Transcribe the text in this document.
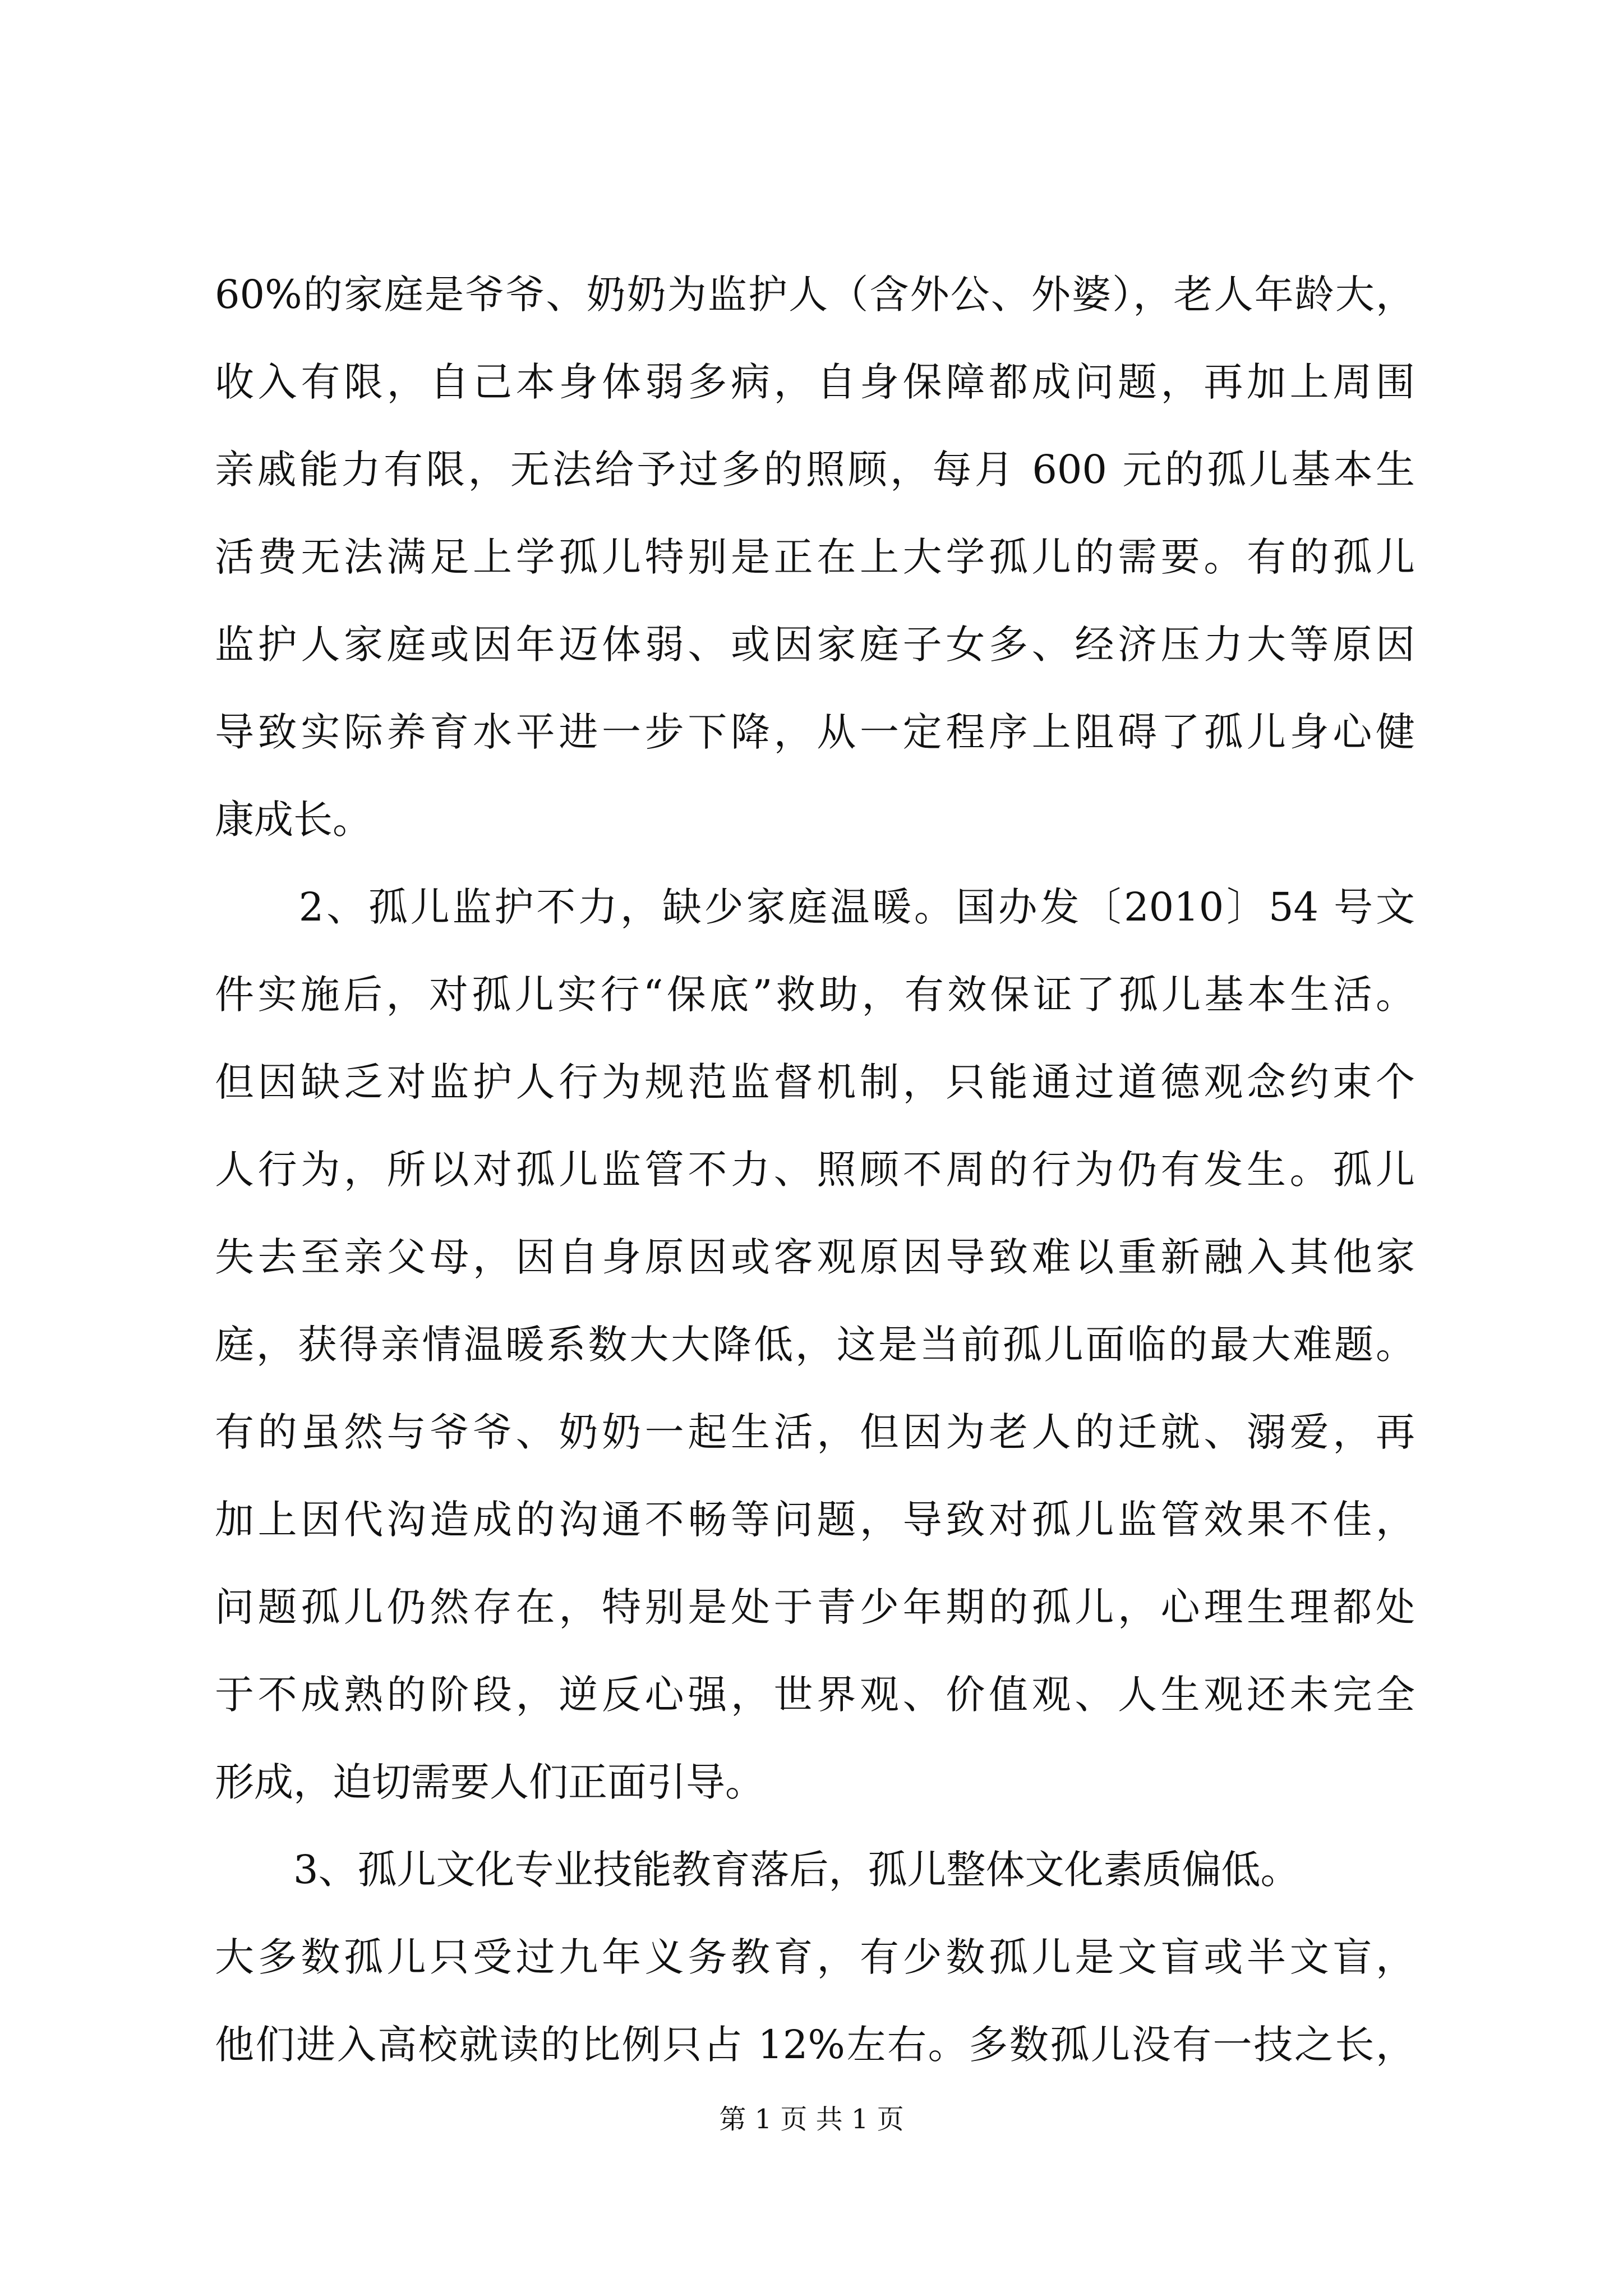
60%的家庭是爷爷、奶奶为监护人（含外公、外婆），老人年龄大，
收入有限，自己本身体弱多病，自身保障都成问题，再加上周围
亲戚能力有限，无法给予过多的照顾，每月 600 元的孤儿基本生
活费无法满足上学孤儿特别是正在上大学孤儿的需要。有的孤儿
监护人家庭或因年迈体弱、或因家庭子女多、经济压力大等原因
导致实际养育水平进一步下降，从一定程序上阻碍了孤儿身心健
康成长。
　　2、孤儿监护不力，缺少家庭温暖。国办发〔2010〕54 号文
件实施后，对孤儿实行“保底”救助，有效保证了孤儿基本生活。
但因缺乏对监护人行为规范监督机制，只能通过道德观念约束个
人行为，所以对孤儿监管不力、照顾不周的行为仍有发生。孤儿
失去至亲父母，因自身原因或客观原因导致难以重新融入其他家
庭，获得亲情温暖系数大大降低，这是当前孤儿面临的最大难题。
有的虽然与爷爷、奶奶一起生活，但因为老人的迁就、溺爱，再
加上因代沟造成的沟通不畅等问题，导致对孤儿监管效果不佳，
问题孤儿仍然存在，特别是处于青少年期的孤儿，心理生理都处
于不成熟的阶段，逆反心强，世界观、价值观、人生观还未完全
形成，迫切需要人们正面引导。
　　3、孤儿文化专业技能教育落后，孤儿整体文化素质偏低。
大多数孤儿只受过九年义务教育，有少数孤儿是文盲或半文盲，
第 1 页 共 1 页
他们进入高校就读的比例只占 12%左右。多数孤儿没有一技之长，
